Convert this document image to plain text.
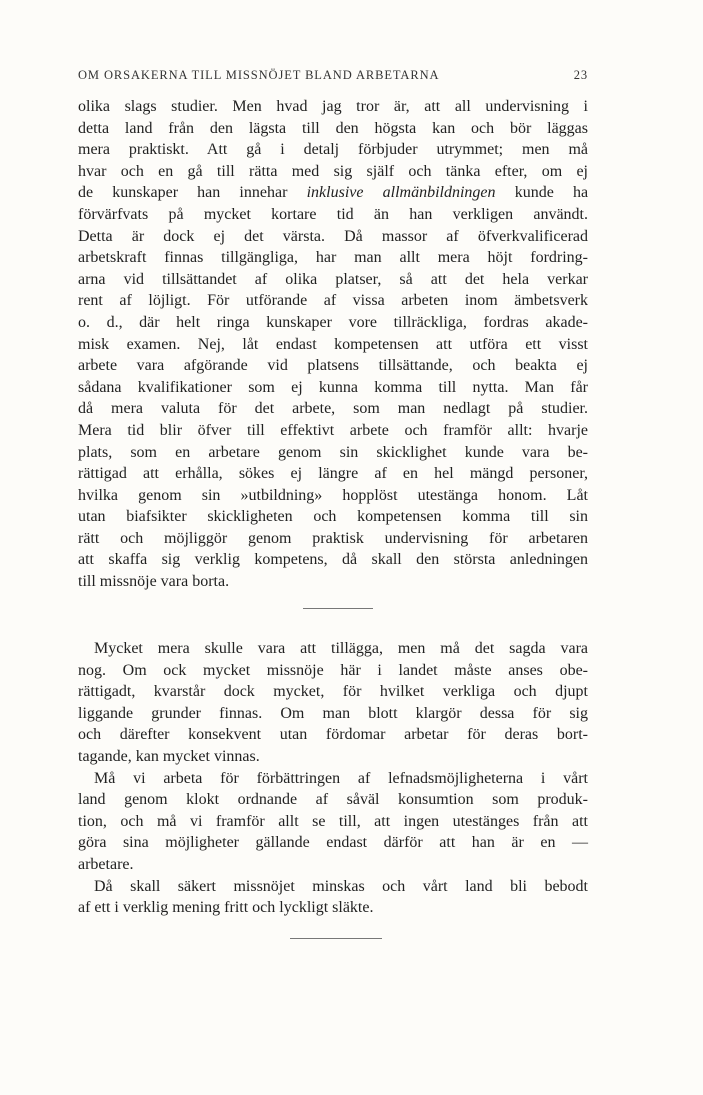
OM ORSAKERNA TILL MISSNÖJET BLAND ARBETARNA	23
olika slags studier. Men hvad jag tror är, att all undervisning i
detta land från den lägsta till den högsta kan och bör läggas
mera praktiskt. Att gå i detalj förbjuder utrymmet; men må
hvar och en gå till rätta med sig själf och tänka efter, om ej
de kunskaper han innehar inklusive allmänbildningen kunde ha
förvärfvats på mycket kortare tid än han verkligen användt.
Detta är dock ej det värsta. Då massor af öfverkvalificerad
arbetskraft finnas tillgängliga, har man allt mera höjt fordring-
arna vid tillsättandet af olika platser, så att det hela verkar
rent af löjligt. För utförande af vissa arbeten inom ämbetsverk
o. d., där helt ringa kunskaper vore tillräckliga, fordras akade-
misk examen. Nej, låt endast kompetensen att utföra ett visst
arbete vara afgörande vid platsens tillsättande, och beakta ej
sådana kvalifikationer som ej kunna komma till nytta. Man får
då mera valuta för det arbete, som man nedlagt på studier.
Mera tid blir öfver till effektivt arbete och framför allt: hvarje
plats, som en arbetare genom sin skicklighet kunde vara be-
rättigad att erhålla, sökes ej längre af en hel mängd personer,
hvilka genom sin »utbildning» hopplöst utestänga honom. Låt
utan biafsikter skickligheten och kompetensen komma till sin
rätt och möjliggör genom praktisk undervisning för arbetaren
att skaffa sig verklig kompetens, då skall den största anledningen
till missnöje vara borta.
Mycket mera skulle vara att tillägga, men må det sagda vara
nog. Om ock mycket missnöje här i landet måste anses obe-
rättigadt, kvarstår dock mycket, för hvilket verkliga och djupt
liggande grunder finnas. Om man blott klargör dessa för sig
och därefter konsekvent utan fördomar arbetar för deras bort-
tagande, kan mycket vinnas.
Må vi arbeta för förbättringen af lefnadsmöjligheterna i vårt
land genom klokt ordnande af såväl konsumtion som produk-
tion, och må vi framför allt se till, att ingen utestänges från att
göra sina möjligheter gällande endast därför att han är en —
arbetare.
Då skall säkert missnöjet minskas och vårt land bli bebodt
af ett i verklig mening fritt och lyckligt släkte.
